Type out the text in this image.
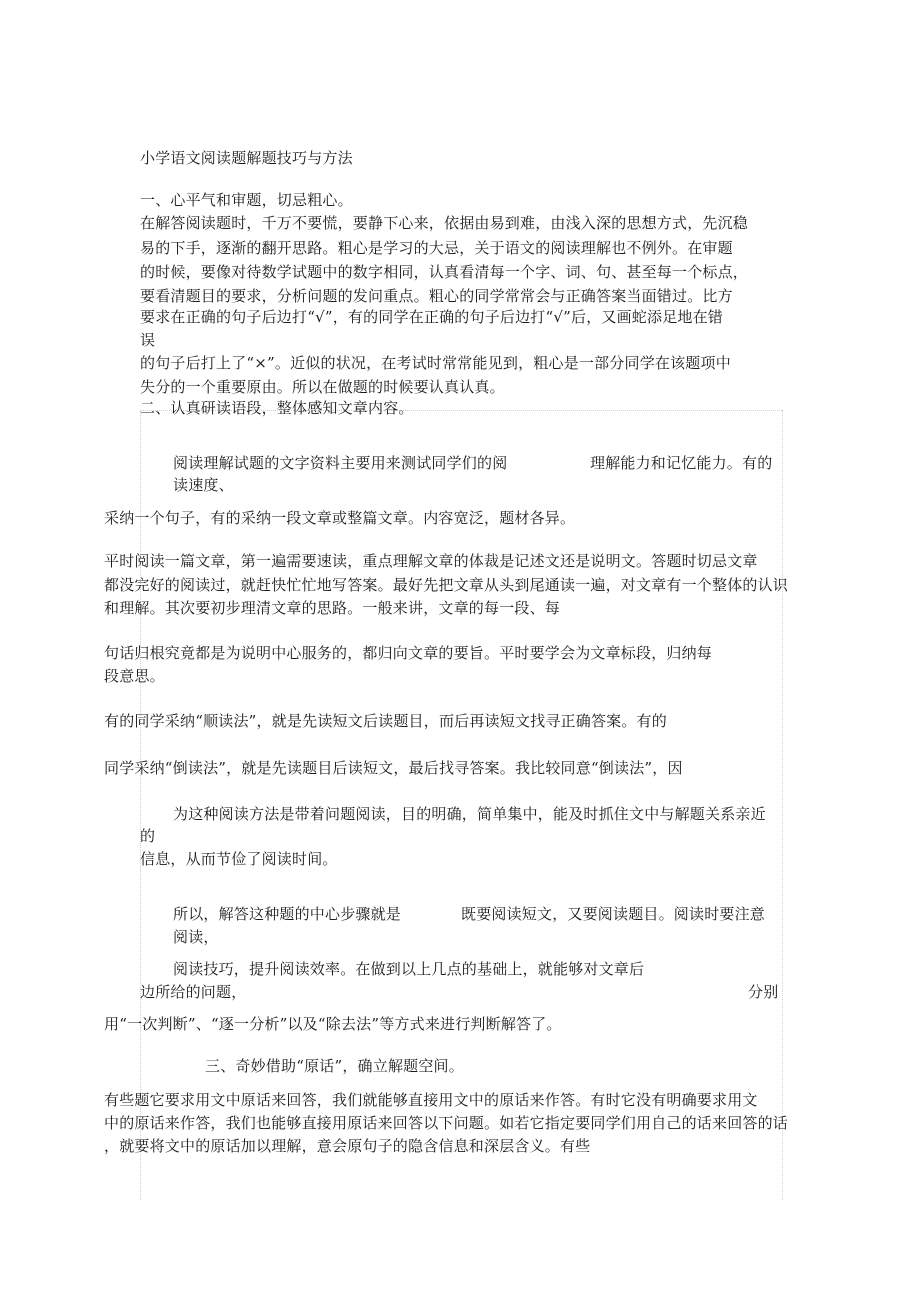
小学语文阅读题解题技巧与方法
一、心平气和审题，切忌粗心。
在解答阅读题时，千万不要慌，要静下心来，依据由易到难，由浅入深的思想方式，先沉稳
易的下手，逐渐的翻开思路。粗心是学习的大忌，关于语文的阅读理解也不例外。在审题
的时候，要像对待数学试题中的数字相同，认真看清每一个字、词、句、甚至每一个标点，
要看清题目的要求，分析问题的发问重点。粗心的同学常常会与正确答案当面错过。比方
要求在正确的句子后边打“√”，有的同学在正确的句子后边打“√”后，又画蛇添足地在错
误
的句子后打上了“×”。近似的状况，在考试时常常能见到，粗心是一部分同学在该题项中
失分的一个重要原由。所以在做题的时候要认真认真。
二、认真研读语段，整体感知文章内容。
阅读理解试题的文字资料主要用来测试同学们的阅	理解能力和记忆能力。有的
读速度、
采纳一个句子，有的采纳一段文章或整篇文章。内容宽泛，题材各异。
平时阅读一篇文章，第一遍需要速读，重点理解文章的体裁是记述文还是说明文。答题时切忌文章
都没完好的阅读过，就赶快忙忙地写答案。最好先把文章从头到尾通读一遍，对文章有一个整体的认识
和理解。其次要初步理清文章的思路。一般来讲，文章的每一段、每
句话归根究竟都是为说明中心服务的，都归向文章的要旨。平时要学会为文章标段，归纳每
段意思。
有的同学采纳“顺读法”，就是先读短文后读题目，而后再读短文找寻正确答案。有的
同学采纳“倒读法”，就是先读题目后读短文，最后找寻答案。我比较同意“倒读法”，因
为这种阅读方法是带着问题阅读，目的明确，简单集中，能及时抓住文中与解题关系亲近
的
信息，从而节俭了阅读时间。
所以，解答这种题的中心步骤就是	既要阅读短文，又要阅读题目。阅读时要注意
阅读，
阅读技巧，提升阅读效率。在做到以上几点的基础上，就能够对文章后
边所给的问题，	分别
用“一次判断”、“逐一分析”以及“除去法”等方式来进行判断解答了。
三、奇妙借助“原话”，确立解题空间。
有些题它要求用文中原话来回答，我们就能够直接用文中的原话来作答。有时它没有明确要求用文
中的原话来作答，我们也能够直接用原话来回答以下问题。如若它指定要同学们用自己的话来回答的话
，就要将文中的原话加以理解，意会原句子的隐含信息和深层含义。有些
